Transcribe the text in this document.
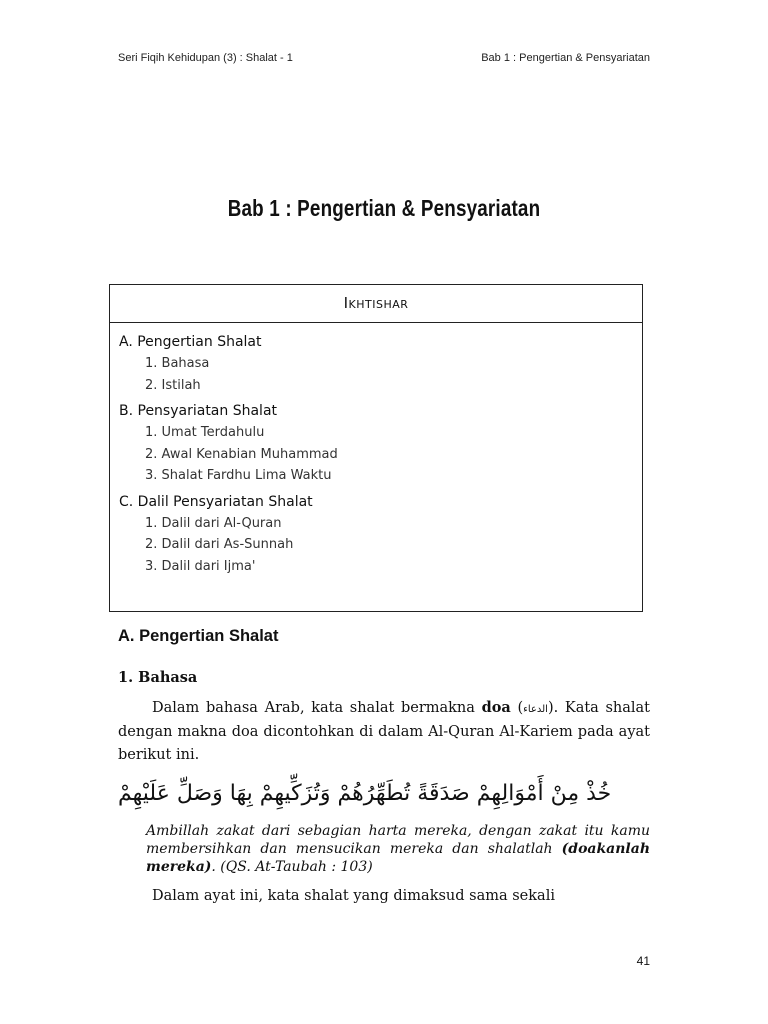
Seri Fiqih Kehidupan (3) : Shalat - 1	Bab 1 : Pengertian & Pensyariatan
Bab 1 : Pengertian & Pensyariatan
Ikhtishar
A. Pengertian Shalat
1. Bahasa
2. Istilah
B. Pensyariatan Shalat
1. Umat Terdahulu
2. Awal Kenabian Muhammad
3. Shalat Fardhu Lima Waktu
C. Dalil Pensyariatan Shalat
1. Dalil dari Al-Quran
2. Dalil dari As-Sunnah
3. Dalil dari Ijma'
A. Pengertian Shalat
1. Bahasa
Dalam bahasa Arab, kata shalat bermakna doa (الدعاء). Kata shalat dengan makna doa dicontohkan di dalam Al-Quran Al-Kariem pada ayat berikut ini.
خُذْ مِنْ أَمْوَالِهِمْ صَدَقَةً تُطَهِّرُهُمْ وَتُزَكِّيهِمْ بِهَا وَصَلِّ عَلَيْهِمْ
Ambillah zakat dari sebagian harta mereka, dengan zakat itu kamu membersihkan dan mensucikan mereka dan shalatlah (doakanlah mereka). (QS. At-Taubah : 103)
Dalam ayat ini, kata shalat yang dimaksud sama sekali
41
